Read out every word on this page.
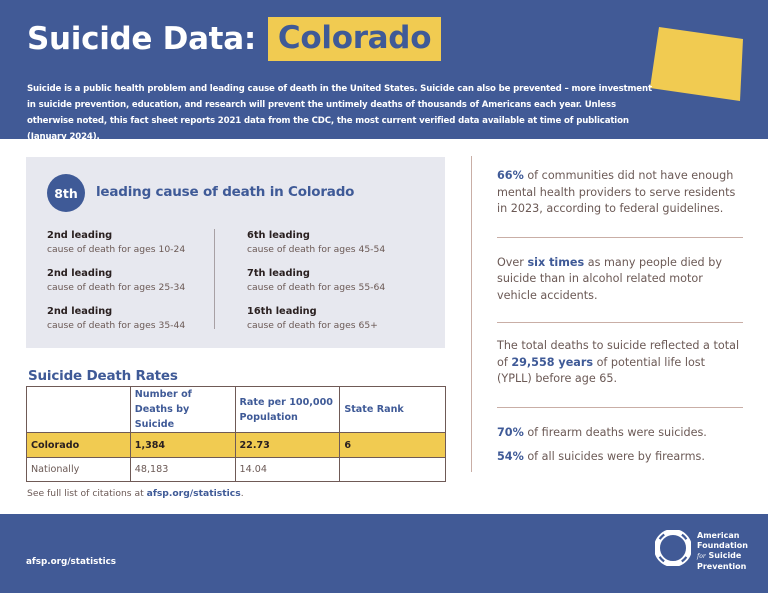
Suicide Data: Colorado

Suicide is a public health problem and leading cause of death in the United States. Suicide can also be prevented – more investment in suicide prevention, education, and research will prevent the untimely deaths of thousands of Americans each year. Unless otherwise noted, this fact sheet reports 2021 data from the CDC, the most current verified data available at time of publication (January 2024).

8th	leading cause of death in Colorado
2nd leading
cause of death for ages 10-24
2nd leading
cause of death for ages 25-34
2nd leading
cause of death for ages 35-44
6th leading
cause of death for ages 45-54
7th leading
cause of death for ages 55-64
16th leading
cause of death for ages 65+
Suicide Death Rates
	Number of Deaths by Suicide	Rate per 100,000 Population	State Rank
Colorado	1,384	22.73	6
Nationally	48,183	14.04	
See full list of citations at afsp.org/statistics.

66% of communities did not have enough mental health providers to serve residents in 2023, according to federal guidelines.

Over six times as many people died by suicide than in alcohol related motor vehicle accidents.

The total deaths to suicide reflected a total of 29,558 years of potential life lost (YPLL) before age 65.

70% of firearm deaths were suicides.

54% of all suicides were by firearms.

afsp.org/statistics
American
Foundation
for Suicide
Prevention
